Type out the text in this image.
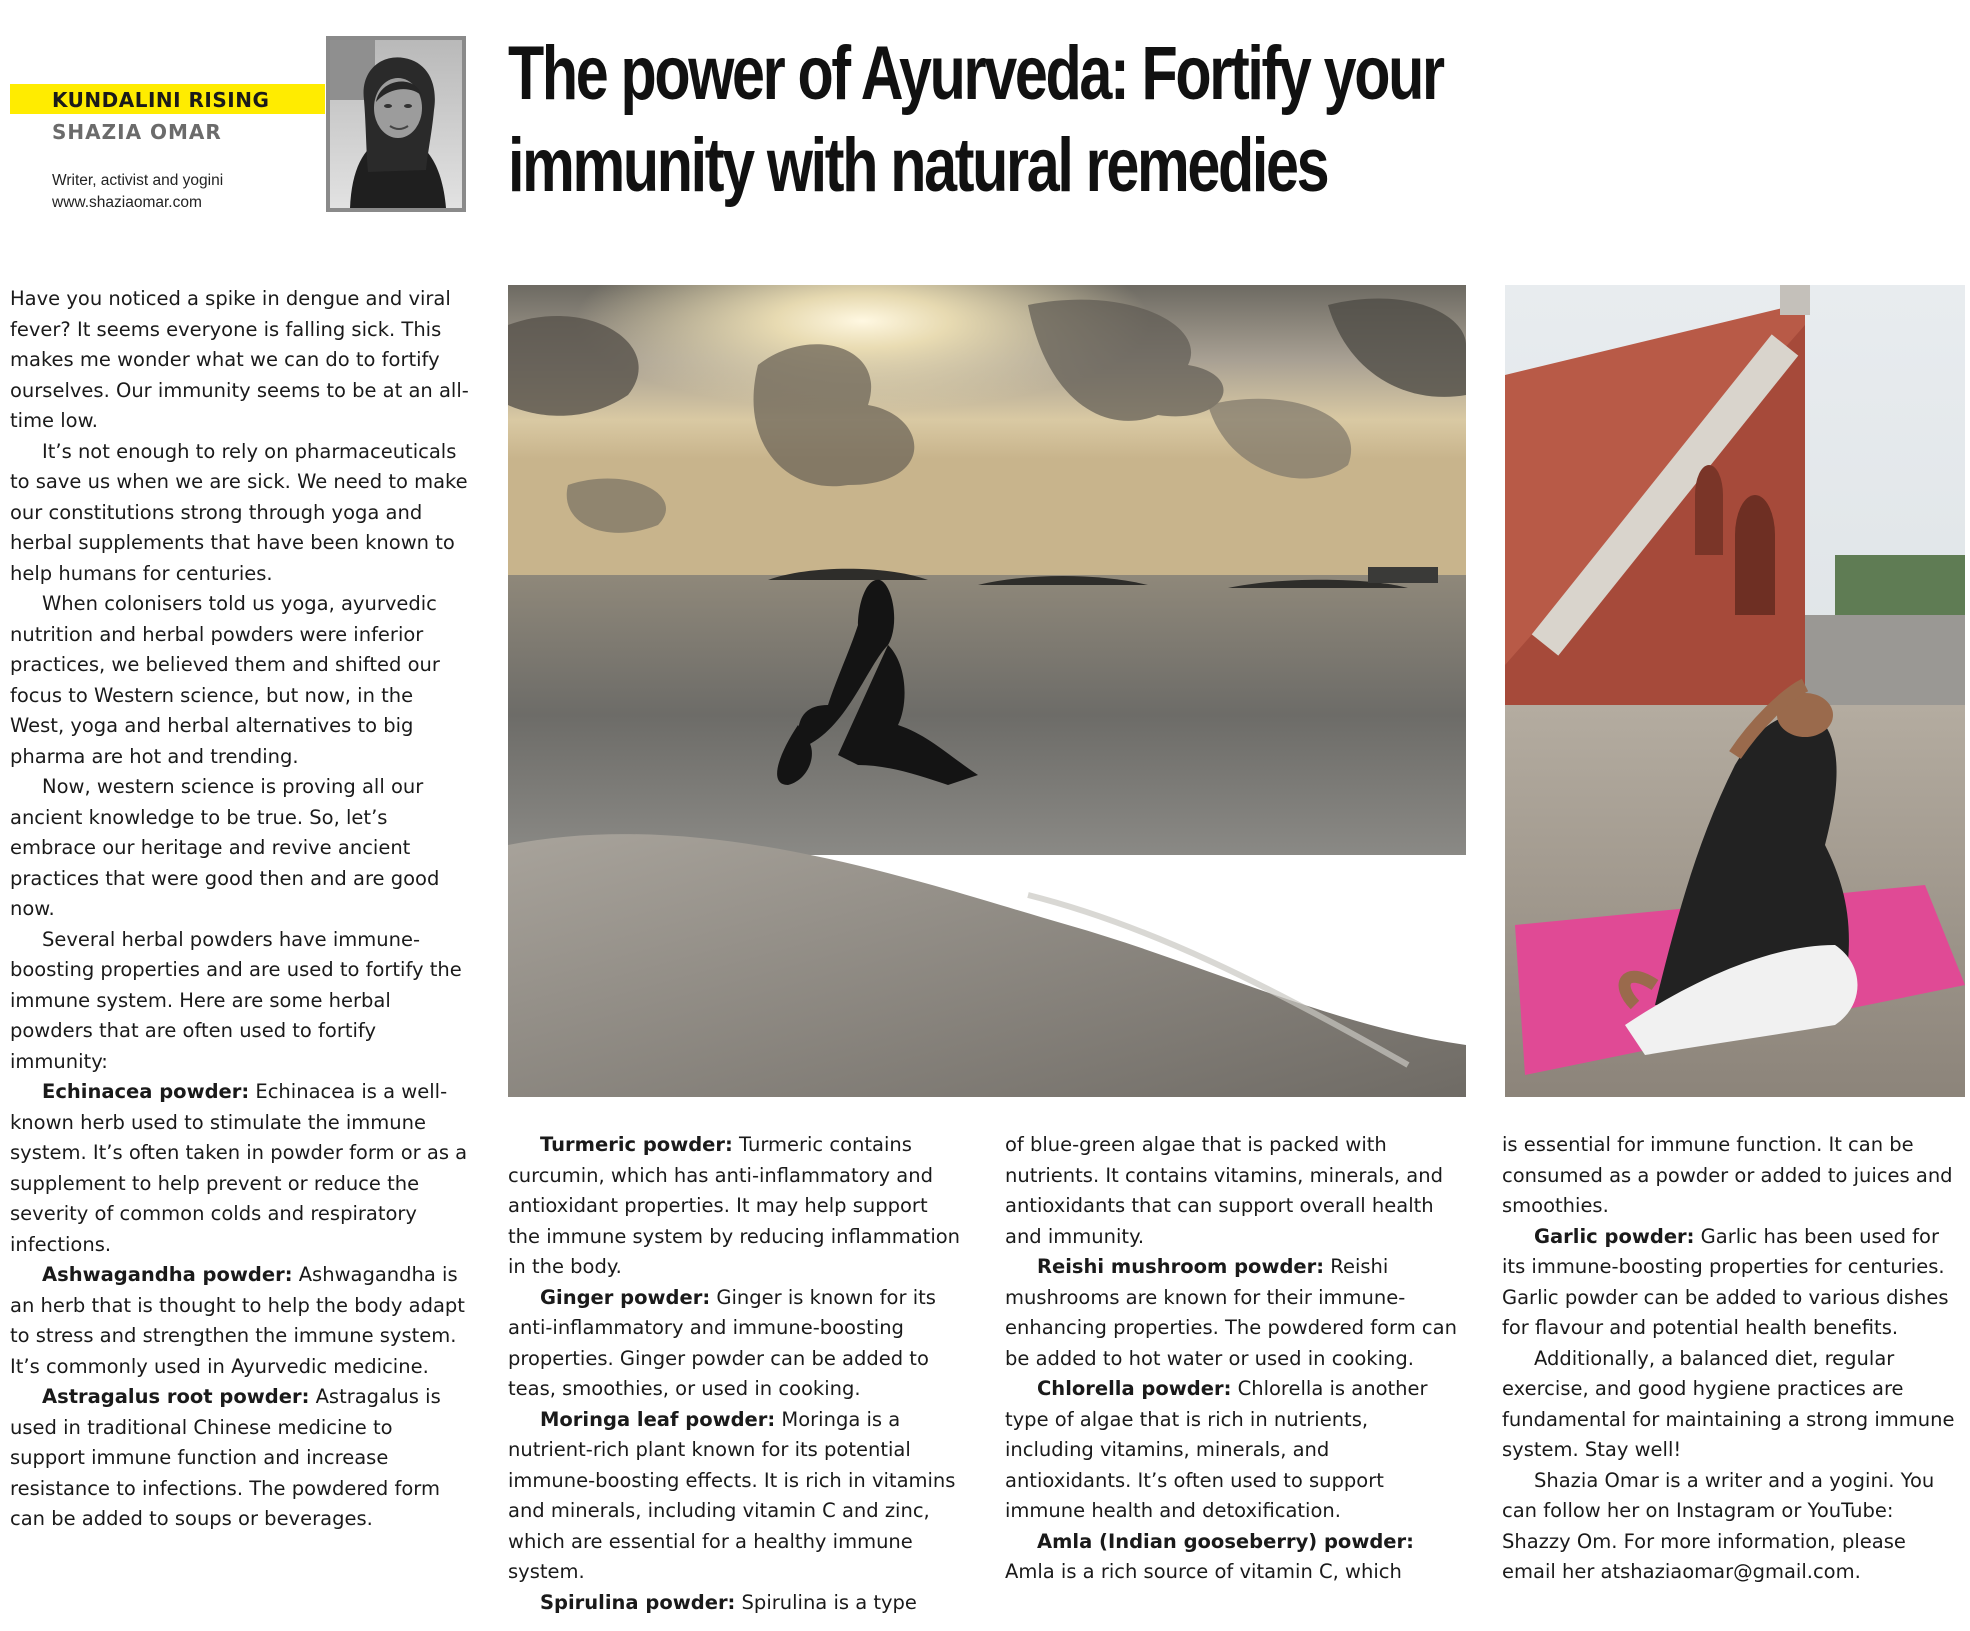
KUNDALINI RISING
SHAZIA OMAR
Writer, activist and yogini
www.shaziaomar.com
The power of Ayurveda: Fortify your
immunity with natural remedies

Have you noticed a spike in dengue and viral fever? It seems everyone is falling sick. This makes me wonder what we can do to fortify ourselves. Our immunity seems to be at an all-time low.

It’s not enough to rely on pharmaceuticals to save us when we are sick. We need to make our constitutions strong through yoga and herbal supplements that have been known to help humans for centuries.

When colonisers told us yoga, ayurvedic nutrition and herbal powders were inferior practices, we believed them and shifted our focus to Western science, but now, in the West, yoga and herbal alternatives to big pharma are hot and trending.

Now, western science is proving all our ancient knowledge to be true. So, let’s embrace our heritage and revive ancient practices that were good then and are good now.

Several herbal powders have immune-boosting properties and are used to fortify the immune system. Here are some herbal powders that are often used to fortify immunity:

Echinacea powder: Echinacea is a well-known herb used to stimulate the immune system. It’s often taken in powder form or as a supplement to help prevent or reduce the severity of common colds and respiratory infections.

Ashwagandha powder: Ashwagandha is an herb that is thought to help the body adapt to stress and strengthen the immune system. It’s commonly used in Ayurvedic medicine.

Astragalus root powder: Astragalus is used in traditional Chinese medicine to support immune function and increase resistance to infections. The powdered form can be added to soups or beverages.

Turmeric powder: Turmeric contains curcumin, which has anti-inflammatory and antioxidant properties. It may help support the immune system by reducing inflammation in the body.

Ginger powder: Ginger is known for its anti-inflammatory and immune-boosting properties. Ginger powder can be added to teas, smoothies, or used in cooking.

Moringa leaf powder: Moringa is a nutrient-rich plant known for its potential immune-boosting effects. It is rich in vitamins and minerals, including vitamin C and zinc, which are essential for a healthy immune system.

Spirulina powder: Spirulina is a type

of blue-green algae that is packed with nutrients. It contains vitamins, minerals, and antioxidants that can support overall health and immunity.

Reishi mushroom powder: Reishi mushrooms are known for their immune-enhancing properties. The powdered form can be added to hot water or used in cooking.

Chlorella powder: Chlorella is another type of algae that is rich in nutrients, including vitamins, minerals, and antioxidants. It’s often used to support immune health and detoxification.

Amla (Indian gooseberry) powder: Amla is a rich source of vitamin C, which

is essential for immune function. It can be consumed as a powder or added to juices and smoothies.

Garlic powder: Garlic has been used for its immune-boosting properties for centuries. Garlic powder can be added to various dishes for flavour and potential health benefits.

Additionally, a balanced diet, regular exercise, and good hygiene practices are fundamental for maintaining a strong immune system. Stay well!

Shazia Omar is a writer and a yogini. You can follow her on Instagram or YouTube: Shazzy Om. For more information, please email her atshaziaomar@gmail.com.
